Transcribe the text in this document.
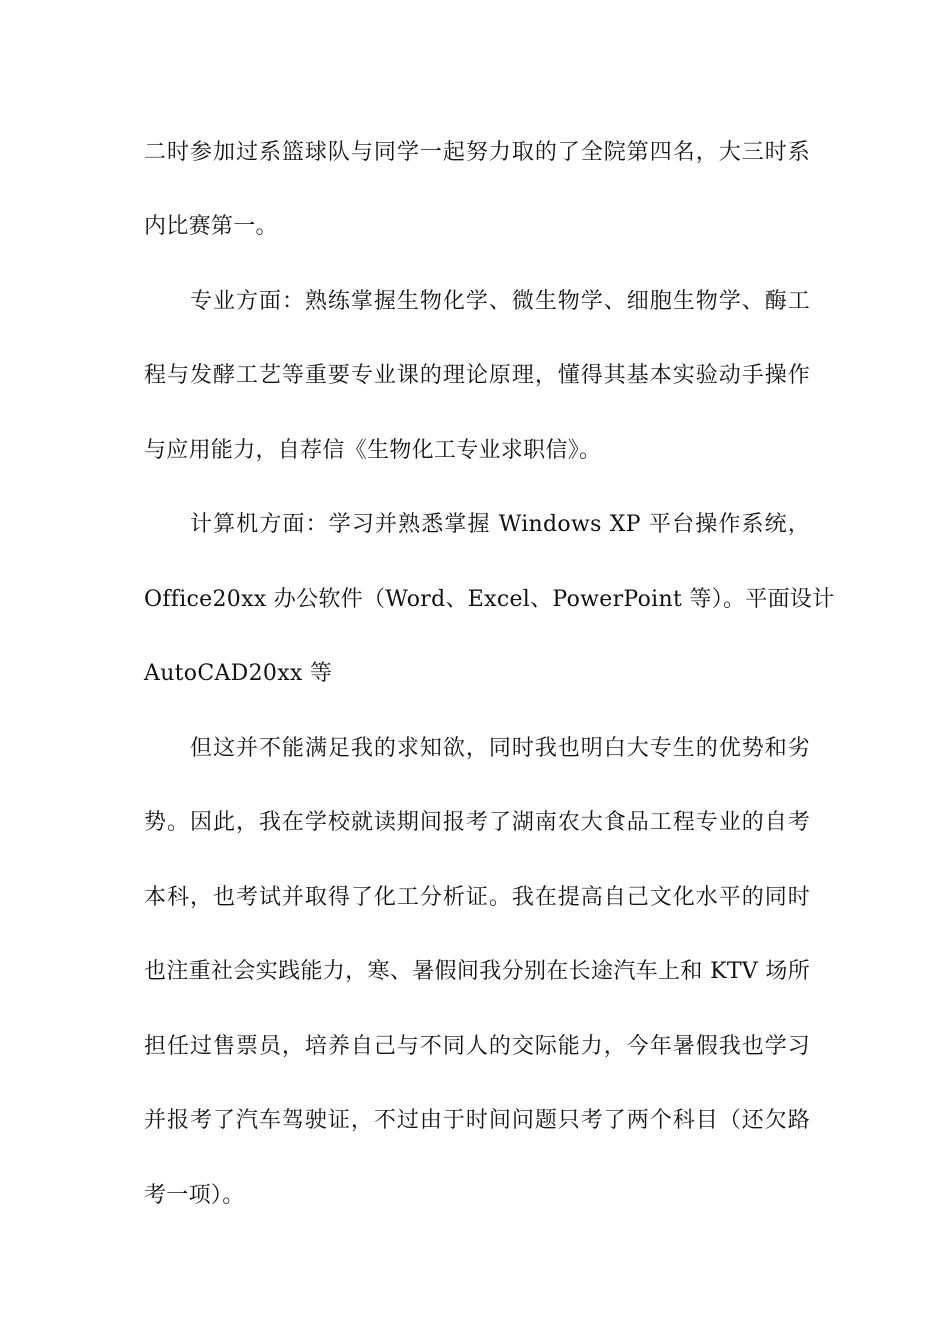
二时参加过系篮球队与同学一起努力取的了全院第四名，大三时系
内比赛第一。
专业方面：熟练掌握生物化学、微生物学、细胞生物学、酶工
程与发酵工艺等重要专业课的理论原理，懂得其基本实验动手操作
与应用能力，自荐信《生物化工专业求职信》。
计算机方面：学习并熟悉掌握 Windows XP 平台操作系统，
Office20xx 办公软件（Word、Excel、PowerPoint 等）。平面设计
AutoCAD20xx 等
但这并不能满足我的求知欲，同时我也明白大专生的优势和劣
势。因此，我在学校就读期间报考了湖南农大食品工程专业的自考
本科，也考试并取得了化工分析证。我在提高自己文化水平的同时
也注重社会实践能力，寒、暑假间我分别在长途汽车上和 KTV 场所
担任过售票员，培养自己与不同人的交际能力，今年暑假我也学习
并报考了汽车驾驶证，不过由于时间问题只考了两个科目（还欠路
考一项）。
